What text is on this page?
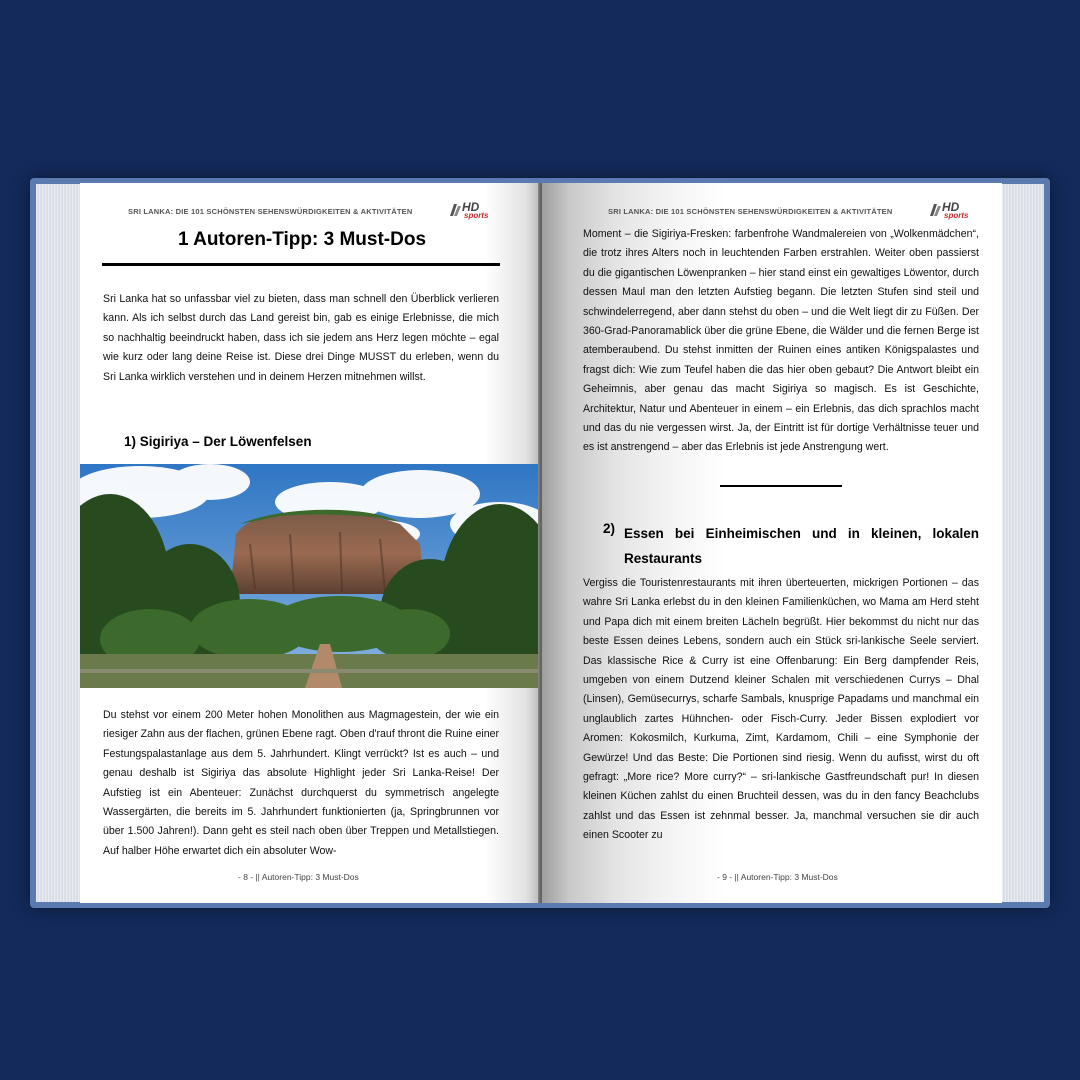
SRI LANKA: DIE 101 SCHÖNSTEN SEHENSWÜRDIGKEITEN & AKTIVITÄTEN	HD
sports
1 Autoren-Tipp: 3 Must-Dos

Sri Lanka hat so unfassbar viel zu bieten, dass man schnell den Überblick verlieren kann. Als ich selbst durch das Land gereist bin, gab es einige Erlebnisse, die mich so nachhaltig beeindruckt haben, dass ich sie jedem ans Herz legen möchte – egal wie kurz oder lang deine Reise ist. Diese drei Dinge MUSST du erleben, wenn du Sri Lanka wirklich verstehen und in deinem Herzen mitnehmen willst.

1) Sigiriya – Der Löwenfelsen

Du stehst vor einem 200 Meter hohen Monolithen aus Magmagestein, der wie ein riesiger Zahn aus der flachen, grünen Ebene ragt. Oben d'rauf thront die Ruine einer Festungspalastanlage aus dem 5. Jahrhundert. Klingt verrückt? Ist es auch – und genau deshalb ist Sigiriya das absolute Highlight jeder Sri Lanka-Reise! Der Aufstieg ist ein Abenteuer: Zunächst durchquerst du symmetrisch angelegte Wassergärten, die bereits im 5. Jahrhundert funktionierten (ja, Springbrunnen vor über 1.500 Jahren!). Dann geht es steil nach oben über Treppen und Metallstiegen. Auf halber Höhe erwartet dich ein absoluter Wow-

- 8 - || Autoren-Tipp: 3 Must-Dos
SRI LANKA: DIE 101 SCHÖNSTEN SEHENSWÜRDIGKEITEN & AKTIVITÄTEN	HD
sports

Moment – die Sigiriya-Fresken: farbenfrohe Wandmalereien von „Wolkenmädchen“, die trotz ihres Alters noch in leuchtenden Farben erstrahlen. Weiter oben passierst du die gigantischen Löwenpranken – hier stand einst ein gewaltiges Löwentor, durch dessen Maul man den letzten Aufstieg begann. Die letzten Stufen sind steil und schwindelerregend, aber dann stehst du oben – und die Welt liegt dir zu Füßen. Der 360-Grad-Panoramablick über die grüne Ebene, die Wälder und die fernen Berge ist atemberaubend. Du stehst inmitten der Ruinen eines antiken Königspalastes und fragst dich: Wie zum Teufel haben die das hier oben gebaut? Die Antwort bleibt ein Geheimnis, aber genau das macht Sigiriya so magisch. Es ist Geschichte, Architektur, Natur und Abenteuer in einem – ein Erlebnis, das dich sprachlos macht und das du nie vergessen wirst. Ja, der Eintritt ist für dortige Verhältnisse teuer und es ist anstrengend – aber das Erlebnis ist jede Anstrengung wert.

2) Essen bei Einheimischen und in kleinen, lokalen Restaurants

Vergiss die Touristenrestaurants mit ihren überteuerten, mickrigen Portionen – das wahre Sri Lanka erlebst du in den kleinen Familienküchen, wo Mama am Herd steht und Papa dich mit einem breiten Lächeln begrüßt. Hier bekommst du nicht nur das beste Essen deines Lebens, sondern auch ein Stück sri-lankische Seele serviert. Das klassische Rice & Curry ist eine Offenbarung: Ein Berg dampfender Reis, umgeben von einem Dutzend kleiner Schalen mit verschiedenen Currys – Dhal (Linsen), Gemüsecurrys, scharfe Sambals, knusprige Papadams und manchmal ein unglaublich zartes Hühnchen- oder Fisch-Curry. Jeder Bissen explodiert vor Aromen: Kokosmilch, Kurkuma, Zimt, Kardamom, Chili – eine Symphonie der Gewürze! Und das Beste: Die Portionen sind riesig. Wenn du aufisst, wirst du oft gefragt: „More rice? More curry?“ – sri-lankische Gastfreundschaft pur! In diesen kleinen Küchen zahlst du einen Bruchteil dessen, was du in den fancy Beachclubs zahlst und das Essen ist zehnmal besser. Ja, manchmal versuchen sie dir auch einen Scooter zu

- 9 - || Autoren-Tipp: 3 Must-Dos
